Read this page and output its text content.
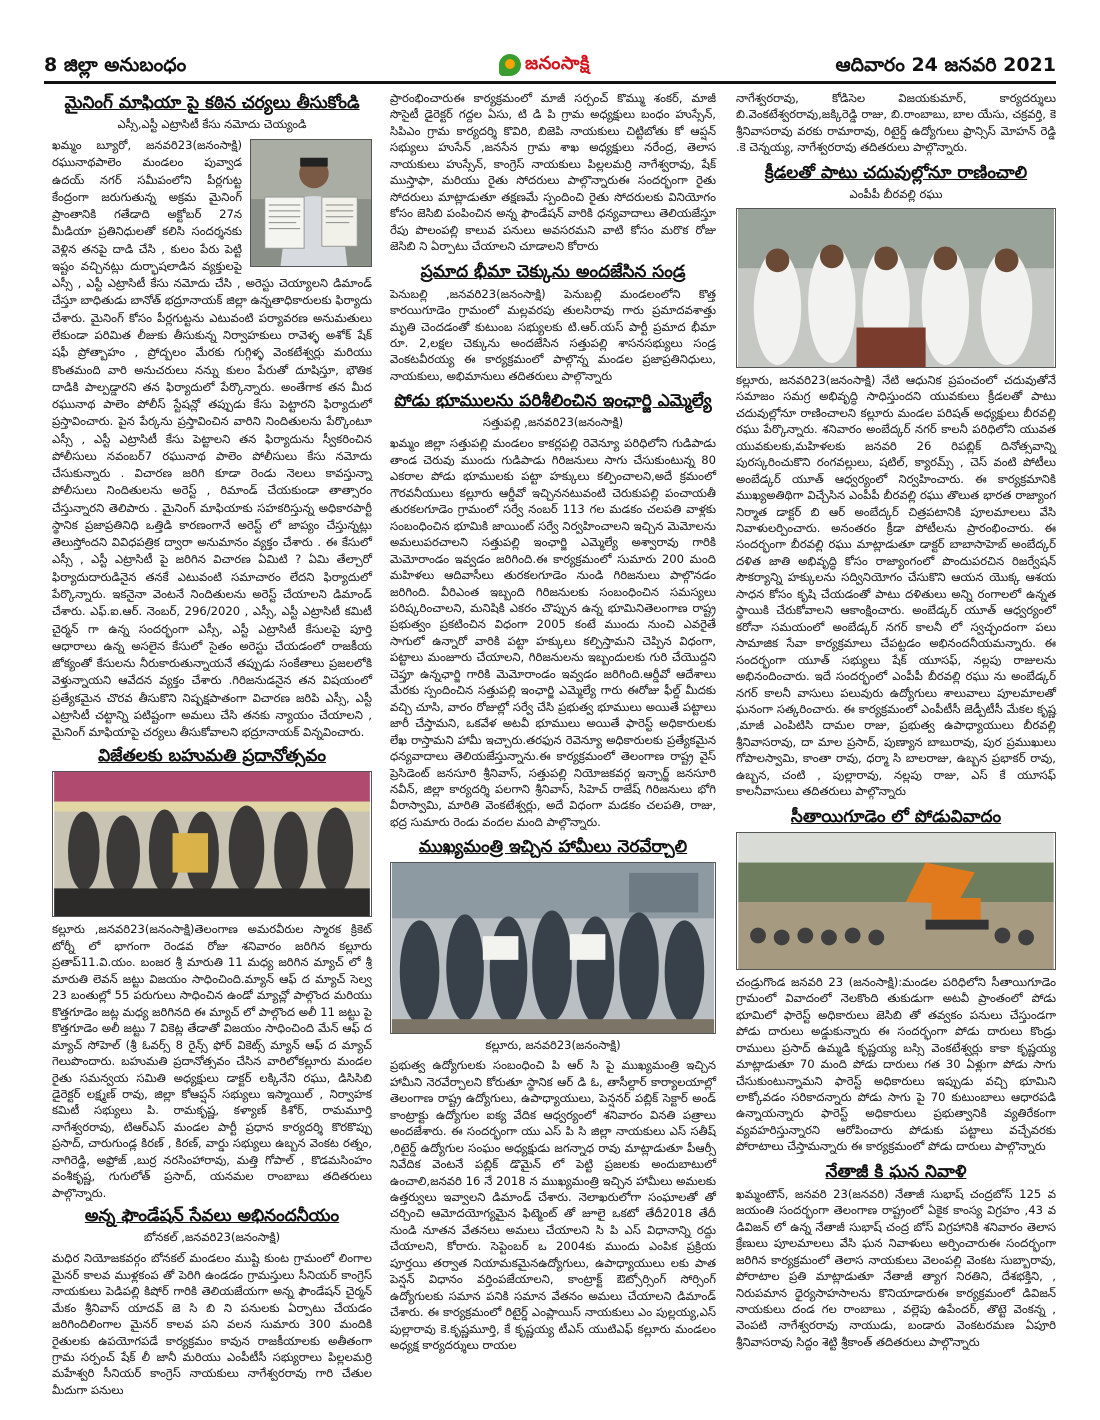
8 జిల్లా అనుబంధం	జనంసాక్షి	ఆదివారం 24 జనవరి 2021
మైనింగ్ మాఫియా పై కఠిన చర్యలు తీసుకోండి
ఎస్సీ,ఎస్టీ ఎట్రాసిటీ కేసు నమోదు చెయ్యండి
ఖమ్మం బ్యూరో, జనవరి23(జనంసాక్షి) రఘునాథపాలెం మండలం పువ్వాడ ఉదయ్ నగర్ సమీపంలోని పీర్లగుట్ట కేంద్రంగా జరుగుతున్న అక్రమ మైనింగ్ ప్రాంతానికి గతేడాది అక్టోబర్ 27న మీడియా ప్రతినిధులతో కలిసి సందర్శనకు వెళ్లిన తనపై దాడి చేసి , కులం పేరు పెట్టి ఇష్టం వచ్చినట్లు దుర్భాషలాడిన వ్యక్తులపై ఎస్సీ , ఎస్టీ ఎట్రాసిటీ కేసు నమోదు చేసి , అరెస్టు చెయ్యాలని డిమాండ్ చేస్తూ బాధితుడు బానోత్ భద్రూనాయక్ జిల్లా ఉన్నతాధికారులకు ఫిర్యాదు చేశారు. మైనింగ్ కోసం పీర్లగుట్టను ఎటువంటి పర్యావరణ అనుమతులు లేకుండా పరిమిత లీజుకు తీసుకున్న నిర్వాహకులు రావెళ్ళ అశోక్ షేక్ షఫీ ప్రోత్బాహం , ప్రోద్బలం మేరకు గుగ్గిళ్ళ వెంకటేశ్వర్లు మరియు కొంతమంది వారి అనుచరులు నన్ను కులం పేరుతో దూషిస్తూ, భౌతిక దాడికి పాల్పడ్డారని తన ఫిర్యాదులో పేర్కొన్నారు. అంతేగాక తన మీద రఘునాథ పాలెం పోలీస్ స్టేషన్లో తప్పుడు కేసు పెట్టారని ఫిర్యాదులో ప్రస్తావించారు. పైన పేర్కను ప్రస్తావించిన వారిని నిందితులను పేర్కొంటూ ఎస్సీ , ఎస్టీ ఎట్రాసిటీ కేసు పెట్టాలని తన ఫిర్యాదును స్వీకరించిన పోలీసులు నవంబర్7 రఘునాథ పాలెం పోలీసులు కేసు నమోదు చేసుకున్నారు . విచారణ జరిగి కూడా రెండు నెలలు కావస్తున్నా పోలీసులు నిందితులను అరెస్ట్ , రిమాండ్ చేయకుండా తాత్సారం చేస్తున్నారని తెలిపారు . మైనింగ్ మాఫియాకు సహకరిస్తున్న అధికారపార్టీ స్థానిక ప్రజాప్రతినిధి ఒత్తిడి కారణంగానే అరెస్ట్ లో జాప్యం చేస్తున్నట్లు తెలుస్తోందని వివిధపత్రిక ద్వారా అనుమానం వ్యక్తం చేశారు . ఈ కేసులో ఎస్సీ , ఎస్టీ ఎట్రాసిటీ పై జరిగిన విచారణ ఏమిటి ? ఏమి తేల్చారో ఫిర్యాదుదారుడినైన తనకే ఎటువంటి సమాచారం లేదని ఫిర్యాదులో పేర్కొన్నారు. ఇకనైనా వెంటనే నిందితులను అరెస్ట్ చేయాలని డిమాండ్ చేశారు. ఎఫ్.ఐ.ఆర్. నెంబర్, 296/2020 , ఎస్సీ, ఎస్టీ ఎట్రాసిటీ కమిటీ చైర్మన్ గా ఉన్న సందర్భంగా ఎస్సీ, ఎస్టీ ఎట్రాసిటీ కేసులపై పూర్తి ఆధారాలు ఉన్న అసలైన కేసులో సైతం అరెస్టు చేయడంలో రాజకీయ జోక్యంతో కేసులను నీరుకారుతున్నాయనే తప్పుడు సంకేతాలు ప్రజలలోకి వెళ్తున్నాయని ఆవేదన వ్యక్తం చేశారు .గిరిజనుడనైన తన విషయంలో ప్రత్యేకమైన చొరవ తీసుకొని నిష్పక్షపాతంగా విచారణ జరిపి ఎస్సీ, ఎస్టీ ఎట్రాసిటీ చట్టాన్ని పటిష్టంగా అమలు చేసి తనకు న్యాయం చేయాలని , మైనింగ్ మాఫియాపై చర్యలు తీసుకోవాలని భద్రూనాయక్ విన్నవించారు.
విజేతలకు బహుమతి ప్రదానోత్సవం
కల్లూరు ,జనవరి23(జనంసాక్షి)తెలంగాణ అమరవీరుల స్మారక క్రికెట్ టోర్నీ లో భాగంగా రెండవ రోజు శనివారం జరిగిన కల్లూరు ప్రతాప్11.వి.యం. బంజర శ్రీ మారుతి 11 మధ్య జరిగిన మ్యాచ్ లో శ్రీ మారుతి లెవన్ జట్టు విజయం సాధించింది.మ్యాన్ ఆఫ్ ద మ్యాచ్ సెల్వ 23 బంతుల్లో 55 పరుగులు సాధించిన ఉండో మ్యాచ్లో పాల్గొంద మరియు కొత్తగూడెం జట్ల మధ్య జరిగినది ఈ మ్యాచ్ లో పాల్గొంద అలీ 11 జట్టు పై కొత్తగూడెం అలీ జట్టు 7 వికెట్ల తేడాతో విజయం సాధించింది మేన్ ఆఫ్ ద మ్యాచ్ సోహెల్ (శ్రీ ఓవర్స్ 8 రైన్స్ ఫోర్ వికెట్స్ మ్యాన్ ఆఫ్ ద మ్యాచ్ గెలుపొందారు. బహుమతి ప్రదానోత్సవం చేసిన వారిలోకల్లూరు మండల రైతు సమన్వయ సమితి అధ్యక్షులు డాక్టర్ లక్కినేని రఘు, డిసిసిబి డైరెక్టర్ లక్ష్మణ్ రావు, జిల్లా కోఆప్షన్ సభ్యులు ఇస్మాయిల్ , నిర్వాహక కమిటీ సభ్యులు పి. రామకృష్ణ, కళ్యాణ్ కిశోర్, రామమూర్తి నాగేశ్వరరావు, టిఆర్ఎస్ మండల పార్టీ ప్రధాన కార్యదర్శి కొరకొప్పు ప్రసాద్, చారుగుండ్ల కిరణ్ , కిరణ్, వార్డు సభ్యులు ఉబ్బన వెంకట రత్నం, నాగిరెడ్డి, అఫ్రోజ్ ,బుర్ర నరసింహారావు, మత్తి గోపాల్ , కొడమసింహం వంశీకృష్ణ, గుగులోత్ ప్రసాద్, యనమల రాంబాబు తదితరులు పాల్గొన్నారు.
అన్న ఫౌండేషన్ సేవలు అభినందనీయం
బోనకల్ ,జనవరి23(జనంసాక్షి)
మధిర నియోజకవర్గం బోనకల్ మండలం ముష్టి కుంట గ్రామంలో లింగాల మైనర్ కాలవ ముళ్లకంప తో పెరిగి ఉండడం గ్రామస్తులు సీనియర్ కాంగ్రెస్ నాయకులు పెడిపల్లి కిషోర్ గారికి తెలియజేయగా అన్న ఫౌండేషన్ చైర్మన్ మేకం శ్రీనివాస్ యాదవ్ జె సి బి ని పనులకు ఏర్పాటు చేయడం జరిగిందిలింగాల మైనర్ కాలవ పని వలన సుమారు 300 మందికి రైతులకు ఉపయోగపడే కార్యక్రమం కావున రాజకీయాలకు అతీతంగా గ్రామ సర్పంచ్ షేక్ లీ జానీ మరియు ఎంపీటీసీ సభ్యురాలు పిల్లలమర్రి మహేశ్వరి సీనియర్ కాంగ్రెస్ నాయకులు నాగేశ్వరరావు గారి చేతుల మీదుగా పనులు
ప్రారంభించారుఈ కార్యక్రమంలో మాజీ సర్పంచ్ కొమ్ము శంకర్, మాజీ సొసైటీ డైరెక్టర్ గద్దల ఏసు, టి డి పి గ్రామ అధ్యక్షులు బంధం హుస్సేన్, సిపిఎం గ్రామ కార్యదర్శి కొవిరి, బిజెపి నాయకులు చిట్టిబోతు కో ఆప్షన్ సభ్యులు హుసేన్ ,జనసేన గ్రామ శాఖ అధ్యక్షులు నరేంద్ర, తెలాస నాయకులు హుస్సేన్, కాంగ్రెస్ నాయకులు పిల్లలమర్రి నాగేశ్వరావు, షేక్ ముస్తాఫా, మరియు రైతు సోదరులు పాల్గొన్నారుఈ సందర్భంగా రైతు సోదరులు మాట్లాడుతూ తక్షణమే స్పందించి రైతు సోదరులకు వినియోగం కోసం జెసిబి పంపించిన అన్న ఫౌండేషన్ వారికి ధన్యవాదాలు తెలియజేస్తూ రేపు పొలంపల్లి కాలువ పనులు అవసరమని వాటి కోసం మరొక రోజు జెసిబి ని ఏర్పాటు చేయాలని చూడాలని కోరారు
ప్రమాద భీమా చెక్కును అందజేసిన సండ్ర
పెనుబల్లి ,జనవరి23(జనంసాక్షి) పెనుబల్లి మండలంలోని కొత్త కారయిగూడెం గ్రామంలో మల్లవరపు తులసిరావు గారు ప్రమాదవశాత్తు మృతి చెందడంతో కుటుంబ సభ్యులకు టి.ఆర్.యస్ పార్టీ ప్రమాద భీమా రూ. 2,లక్షల చెక్కును అందజేసిన సత్తుపల్లి శాసనసభ్యులు సండ్ర వెంకటవీరయ్య ఈ కార్యక్రమంలో పాల్గొన్న మండల ప్రజాప్రతినిధులు, నాయకులు, అభిమానులు తదితరులు పాల్గొన్నారు
పోడు భూములను పరిశీలించిన ఇంఛార్జి ఎమ్మెల్యే
సత్తుపల్లి ,జనవరి23(జనంసాక్షి)
ఖమ్మం జిల్లా సత్తుపల్లి మండలం కాకర్లపల్లి రెవెన్యూ పరిధిలోని గుడిపాడు తాండ చెరువు ముందు గుడిపాడు గిరిజనులు సాగు చేసుకుంటున్న 80 ఎకరాల పోడు భూములకు పట్టా హక్కులు కల్పించాలని,అదే క్రమంలో గౌరవనీయులు కల్లూరు ఆర్డీవో ఇచ్చిననటువంటి చెరుకుపల్లి పంచాయతీ తురకలగూడెం గ్రామంలో సర్వే నంబర్ 113 గల మడకం చలపతి వాళ్లకు సంబంధించిన భూమికి జాయింట్ సర్వే నిర్వహించాలని ఇచ్చిన మెమోలను అమలుపరచాలని సత్తుపల్లి ఇంఛార్జి ఎమ్మెల్యే అశ్వారావు గారికి మెమోరాండం ఇవ్వడం జరిగింది.ఈ కార్యక్రమంలో సుమారు 200 మంది మహిళలు ఆదివాసీలు తురకలగూడెం నుండి గిరిజనులు పాల్గొనడం జరిగింది. వీరిఎంత ఇబ్బంది గిరిజనులకు సంబంధించిన సమస్యలు పరిష్కరించాలని, మనిషికి ఎకరం చొప్పున ఉన్న భూమినితెలంగాణ రాష్ట్ర ప్రభుత్వం ప్రకటించిన విధంగా 2005 కంటే ముందు నుంచి ఎవరైతే సాగులో ఉన్నారో వారికి పట్టా హక్కులు కల్పిస్తామని చెప్పిన విధంగా, పట్టాలు మంజూరు చేయాలని, గిరిజనులను ఇబ్బందులకు గురి చేయొద్దని చెప్తూ ఉన్నఛార్జి గారికి మెమోరాండం ఇవ్వడం జరిగింది.ఆర్డీవో ఆదేశాలు మేరకు స్పందించిన సత్తుపల్లి ఇంఛార్జి ఎమ్మెల్యే గారు ఈరోజు ఫీల్డ్ మీదకు వచ్చి చూసి, వారం రోజుల్లో సర్వే చేసి ప్రభుత్వ భూములు అయితే పట్టాలు జారీ చేస్తామని, ఒకవేళ అటవీ భూములు అయితే ఫారెస్ట్ అధికారులకు లేఖ రాస్తామని హామీ ఇచ్చారు.తరఫున రెవెన్యూ అధికారులకు ప్రత్యేకమైన ధన్యవాదాలు తెలియజేస్తున్నాను.ఈ కార్యక్రమంలో తెలంగాణ రాష్ట్ర వైస్ ప్రెసిడెంట్ జనసూరి శ్రీనివాస్, సత్తుపల్లి నియోజకవర్గ ఇన్చార్జ్ జనసూరి నవీన్, జిల్లా కార్యదర్శి పలగాని శ్రీనివాస్, సిహెచ్ రాజేష్ గిరిజనులు భోగి వీరాస్వామి, మారితి వెంకటేశ్వర్లు, అదే విధంగా మడకం చలపతి, రాజు, భద్ర సుమారు రెండు వందల మంది పాల్గొన్నారు.
ముఖ్యమంత్రి ఇచ్చిన హామీలు నెరవేర్చాలి
కల్లూరు, జనవరి23(జనంసాక్షి)
ప్రభుత్వ ఉద్యోగులకు సంబంధించి పి ఆర్ సి పై ముఖ్యమంత్రి ఇచ్చిన హామీని నెరవేర్చాలని కోరుతూ స్థానిక ఆర్ డి ఓ, తాసీల్దార్ కార్యాలయాల్లో తెలంగాణ రాష్ట్ర ఉద్యోగులు, ఉపాధ్యాయులు, పెన్షనర్ పబ్లిక్ సెక్టార్ అండ్ కాంట్రాక్టు ఉద్యోగుల ఐక్య వేదిక ఆధ్వర్యంలో శనివారం వినతి పత్రాలు అందజేశారు. ఈ సందర్భంగా యు ఎస్ పి సి జిల్లా నాయకులు ఎస్ సతీష్ ,రిటైర్డ్ ఉద్యోగుల సంఘం అధ్యక్షుడు జగన్నాధ రావు మాట్లాడుతూ పీఆర్సీ నివేదిక వెంటనే పబ్లిక్ డొమైన్ లో పెట్టి ప్రజలకు అందుబాటులో ఉంచాలి,జనవరి 16 నే 2018 న ముఖ్యమంత్రి ఇచ్చిన హామీలు అమలకు ఉత్తర్వులు ఇవ్వాలని డిమాండ్ చేశారు. నెలాఖరులోగా సంఘాలతో తో చర్చించి ఆమోదయోగ్యమైన ఫిట్మెంట్ తో జూలై ఒకటో తేదీ2018 తేదీ నుండి నూతన వేతనలు అమలు చేయాలని సి పి ఎస్ విధానాన్ని రద్దు చేయాలని, కోరారు. సెప్టెంబర్ ఒ 2004కు ముందు ఎంపిక ప్రక్రియ పూర్తయి తర్వాత నియామకమైనఉద్యోగులు, ఉపాధ్యాయులు లకు పాత పెన్షన్ విధానం వర్తింపజేయాలని, కాంట్రాక్ట్ ఔట్సోర్సింగ్ సోర్సింగ్ ఉద్యోగులకు సమాన పనికి సమాన వేతనం అమలు చేయాలని డిమాండ్ చేశారు. ఈ కార్యక్రమంలో రిటైర్డ్ ఎంప్లాయిస్ నాయకులు ఎం పుల్లయ్య,ఎస్ పుల్లారావు కె.కృష్ణమూర్తి, కే కృష్ణయ్య టీఎస్ యుటిఎఫ్ కల్లూరు మండలం అధ్యక్ష కార్యదర్శులు రాయల
నాగేశ్వరరావు, కోడిసెల విజయకుమార్, కార్యదర్శులు బి.వెంకటేశ్వరరావు,జక్కిరెడ్డి రాజు, బి.రాంబాబు, బాల యేసు, చక్రవర్తి, కె శ్రీనివాసరావు వరకు రామారావు, రిటైర్డ్ ఉద్యోగులు ఫ్రాన్సిస్ మోహన్ రెడ్డి .కె చెన్నయ్య, నాగేశ్వరరావు తదితరులు పాల్గొన్నారు.
క్రీడలతో పాటు చదువుల్లోనూ రాణించాలి
ఎంపీపీ బీరవల్లి రఘు
కల్లూరు, జనవరి23(జనంసాక్షి) నేటి ఆధునిక ప్రపంచంలో చదువుతోనే సమాజం సమగ్ర అభివృద్ధి సాధిస్తుందని యువకులు క్రీడలతో పాటు చదువుల్లోనూ రాణించాలని కల్లూరు మండల పరిషత్ అధ్యక్షులు బీరవల్లి రఘు పేర్కొన్నారు. శనివారం అంబేద్కర్ నగర్ కాలనీ పరిధిలోని యువత యువకులకు,మహిళలకు జనవరి 26 రిపబ్లిక్ దినోత్సవాన్ని పురస్కరించుకొని రంగవల్లులు, షటిల్, క్యారమ్స్ , చెస్ వంటి పోటీలు అంబేడ్కర్ యూత్ ఆధ్వర్యంలో నిర్వహించారు. ఈ కార్యక్రమానికి ముఖ్యఅతిథిగా విచ్చేసిన ఎంపీపీ బీరవల్లి రఘు తొలుత భారత రాజ్యాంగ నిర్మాత డాక్టర్ బి ఆర్ అంబేద్కర్ చిత్రపటానికి పూలమాలలు వేసి నివాళులర్పించారు. అనంతరం క్రీడా పోటీలను ప్రారంభించారు. ఈ సందర్భంగా బీరవల్లి రఘు మాట్లాడుతూ డాక్టర్ బాబాసాహెబ్ అంబేద్కర్ దళిత జాతి అభివృద్ధి కోసం రాజ్యాంగంలో పొందుపరచిన రిజర్వేషన్ సౌకర్యాన్ని హక్కులను సద్వినియోగం చేసుకొని ఆయన యొక్క ఆశయ సాధన కోసం కృషి చేయడంతో పాటు దళితులు అన్ని రంగాలలో ఉన్నత స్థాయికి చేరుకోవాలని ఆకాంక్షించారు. అంబేడ్కర్ యూత్ ఆధ్వర్యంలో కరోనా సమయంలో అంబేడ్కర్ నగర్ కాలనీ లో స్వచ్ఛందంగా పలు సామాజిక సేవా కార్యక్రమాలు చేపట్టడం అభినందనీయమన్నారు. ఈ సందర్భంగా యూత్ సభ్యులు షేక్ యూసఫ్, నల్లపు రాజులను అభినందించారు. ఇదే సందర్భంలో ఎంపీపీ బీరవల్లి రఘు ను అంబేడ్కర్ నగర్ కాలనీ వాసులు పలువురు ఉద్యోగులు శాలువాలు పూలమాలతో ఘనంగా సత్కరించారు. ఈ కార్యక్రమంలో ఎంపీటీసీ జెడ్పీటీసీ మేకల కృష్ణ ,మాజీ ఎంపిటిసి దామల రాజు, ప్రభుత్వ ఉపాధ్యాయులు బీరవల్లి శ్రీనివాసరావు, దా మాల ప్రసాద్, పుణ్యాన బాబురావు, పుర ప్రముఖులు గోపాలస్వామి, కాంతా రావు, ధర్మా సి బాలరాజు, ఉబ్బన ప్రభాకర్ రావు, ఉబ్బన, చంటి , పుల్లారావు, నల్లపు రాజు, ఎస్ కే యూసఫ్ కాలనీవాసులు తదితరులు పాల్గొన్నారు
సీతాయిగూడెం లో పోడువివాదం
చండ్రుగొండ జనవరి 23 (జనంసాక్షి):మండల పరిధిలోని సీతాయిగూడెం గ్రామంలో వివాదంలో నెలకొంది తుకుడుగా అటవీ ప్రాంతంలో పోడు భూమిలో ఫారెస్ట్ అధికారులు జెసిబి తో తవ్వకం పనులు చేస్తుండగా పోడు దారులు అడ్డుకున్నారు ఈ సందర్భంగా పోడు దారులు కొండ్రు రాములు ప్రసాద్ ఉమ్మడి కృష్ణయ్య బస్సి వెంకటేశ్వర్లు కాకా కృష్ణయ్య మాట్లాడుతూ 70 మంది పోడు దారులు గత 30 ఏళ్లుగా పోడు సాగు చేసుకుంటున్నామని ఫారెస్ట్ అధికారులు ఇప్పుడు వచ్చి భూమిని లాక్కోవడం సరికాదన్నారు పోడు సాగు పై 70 కుటుంబాలు ఆధారపడి ఉన్నాయన్నారు ఫారెస్ట్ అధికారులు ప్రభుత్వానికి వ్యతిరేకంగా వ్యవహరిస్తున్నారని ఆరోపించారు పోడుకు పట్టాలు వచ్చేవరకు పోరాటాలు చేస్తామన్నారు ఈ కార్యక్రమంలో పోడు దారులు పాల్గొన్నారు
నేతాజీ కి ఘన నివాళి
ఖమ్మంటౌన్, జనవరి 23(జనవరి) నేతాజీ సుభాష్ చంద్రబోస్ 125 వ జయంతి సందర్భంగా తెలంగాణ రాష్ట్రంలో ఏకైక కాంస్య విగ్రహం ,43 వ డివిజన్ లో ఉన్న నేతాజీ సుభాష్ చంద్ర బోస్ విగ్రహానికి శనివారం తెలాస క్రేణులు పూలమాలలు వేసి ఘన నివాళులు అర్పించారుఈ సందర్భంగా జరిగిన కార్యక్రమంలో తెలాస నాయకులు వెలంపల్లి వెంకట సుబ్బారావు, పోరాటాల ప్రతి మాట్లాడుతూ నేతాజీ త్యాగ నిరతిని, దేశభక్తిని, , నిరుపమాన ధైర్యసాహసాలను కొనియాడారుఈ కార్యక్రమంలో డివిజన్ నాయకులు దండ గల రాంబాబు , వల్లెపు ఉపేందర్, తొట్టె వెంకన్న , వెంపటి నాగేశ్వరరావు నాయుడు, బండారు వెంకటరమణ ఏపూరి శ్రీనివాసరావు సిద్దం శెట్టి శ్రీకాంత్ తదితరులు పాల్గొన్నారు
